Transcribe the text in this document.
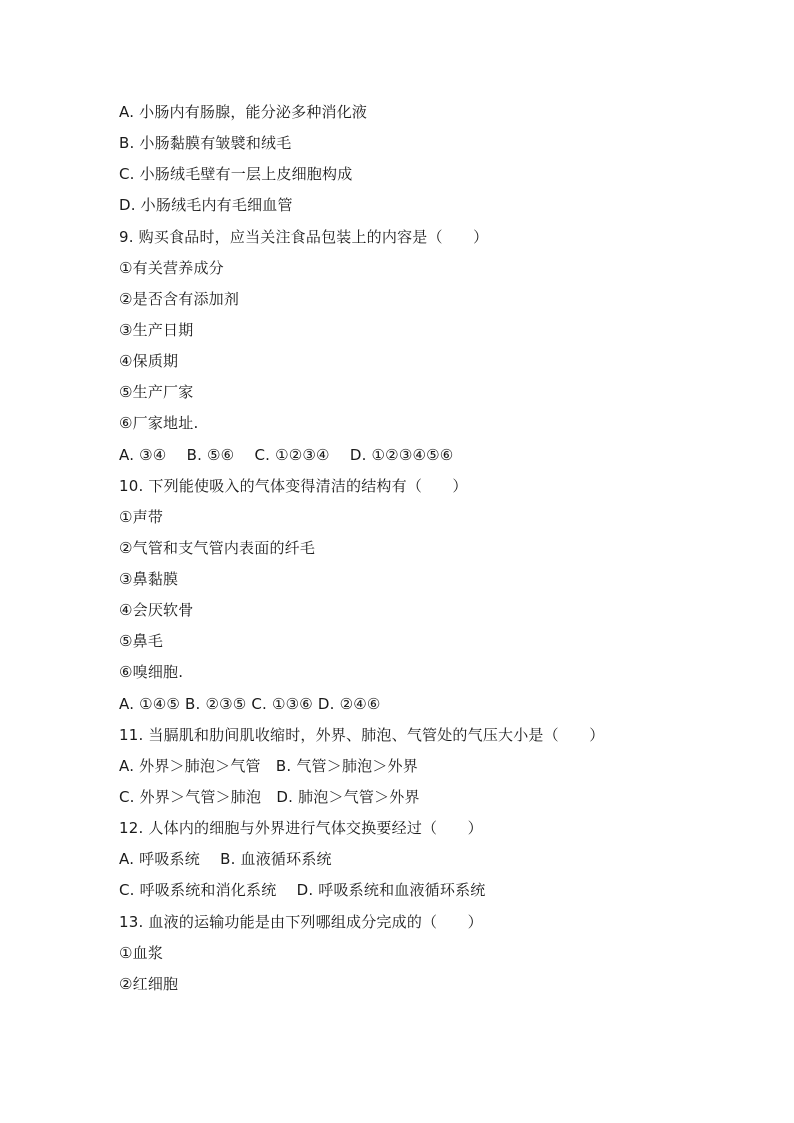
A. 小肠内有肠腺，能分泌多种消化液
B. 小肠黏膜有皱襞和绒毛
C. 小肠绒毛壁有一层上皮细胞构成
D. 小肠绒毛内有毛细血管
9. 购买食品时，应当关注食品包装上的内容是（　　）
①有关营养成分
②是否含有添加剂
③生产日期
④保质期
⑤生产厂家
⑥厂家地址.
A. ③④　 B. ⑤⑥　 C. ①②③④　 D. ①②③④⑤⑥
10. 下列能使吸入的气体变得清洁的结构有（　　）
①声带
②气管和支气管内表面的纤毛
③鼻黏膜
④会厌软骨
⑤鼻毛
⑥嗅细胞.
A. ①④⑤ B. ②③⑤ C. ①③⑥ D. ②④⑥
11. 当膈肌和肋间肌收缩时，外界、肺泡、气管处的气压大小是（　　）
A. 外界＞肺泡＞气管　B. 气管＞肺泡＞外界
C. 外界＞气管＞肺泡　D. 肺泡＞气管＞外界
12. 人体内的细胞与外界进行气体交换要经过（　　）
A. 呼吸系统　 B. 血液循环系统
C. 呼吸系统和消化系统　 D. 呼吸系统和血液循环系统
13. 血液的运输功能是由下列哪组成分完成的（　　）
①血浆
②红细胞
